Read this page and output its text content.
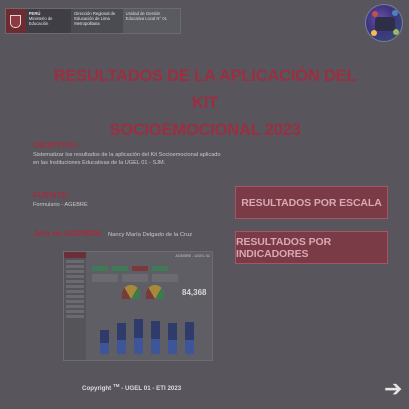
PERÚ
Ministerio de Educación
Dirección Regional de Educación de Lima Metropolitana
Unidad de Gestión Educativa Local N° 01
RESULTADOS DE LA APLICACIÓN DEL KIT
SOCIOEMOCIONAL 2023
OBJETIVO:
Sistematizar los resultados de la aplicación del Kit Socioemocional aplicado en las Instituciones Educativas de la UGEL 01 - SJM.
FUENTE:
Formulario - AGEBRE
Jefa de AGEBRE: Nancy María Delgado de la Cruz
RESULTADOS POR ESCALA
RESULTADOS POR INDICADORES
AGEBRE - UGEL 01
84,368
Copyright ™ - UGEL 01 - ETI 2023	➔
